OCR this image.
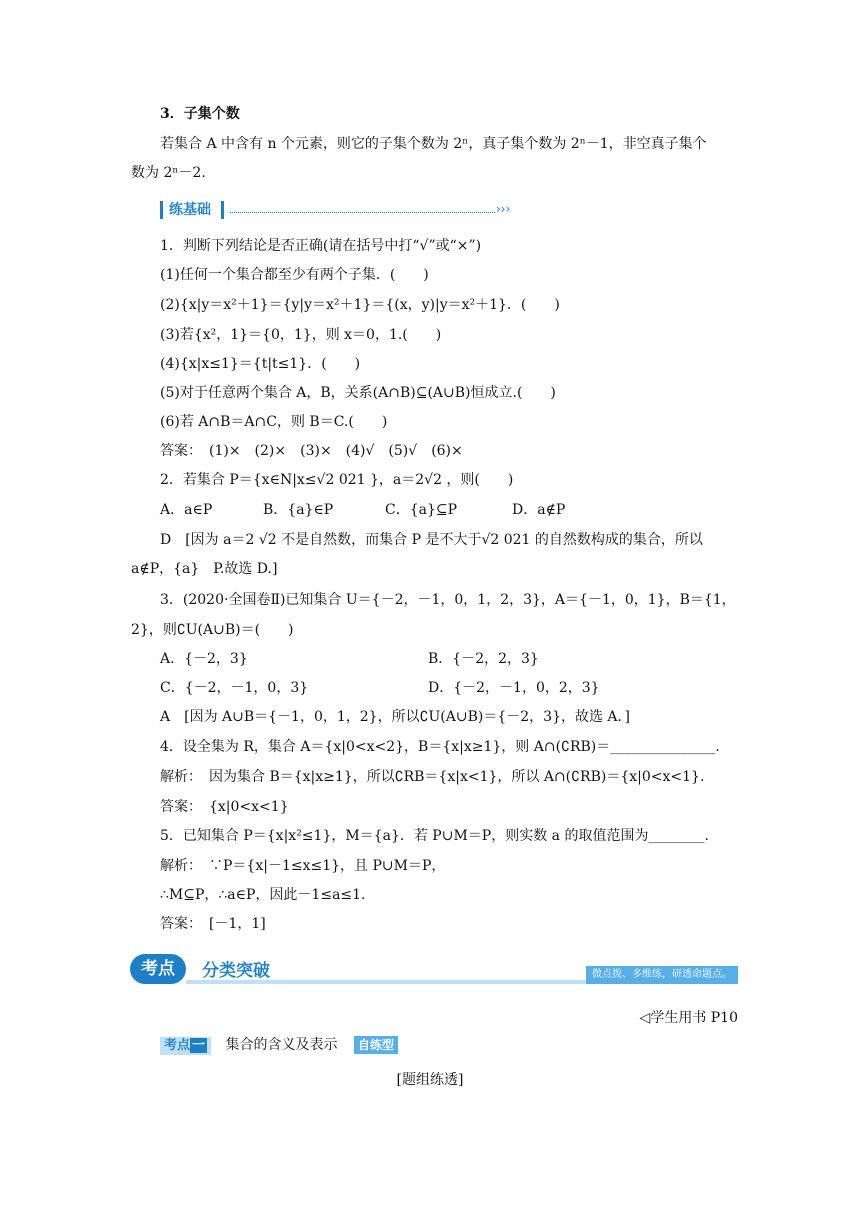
3．子集个数
若集合 A 中含有 n 个元素，则它的子集个数为 2ⁿ，真子集个数为 2ⁿ－1，非空真子集个
数为 2ⁿ－2.
练基础	›››
1．判断下列结论是否正确(请在括号中打“√”或“×”)
(1)任何一个集合都至少有两个子集．(　　)
(2){x|y＝x²＋1}＝{y|y＝x²＋1}＝{(x，y)|y＝x²＋1}．(　　)
(3)若{x²，1}＝{0，1}，则 x＝0，1.(　　)
(4){x|x≤1}＝{t|t≤1}．(　　)
(5)对于任意两个集合 A，B，关系(A∩B)⊆(A∪B)恒成立.(　　)
(6)若 A∩B＝A∩C，则 B＝C.(　　)
答案：　(1)×　(2)×　(3)×　(4)√　(5)√　(6)×
2．若集合 P＝{x∈N|x≤√2 021 }，a＝2√2 ，则(　　)
A．a∈P	B．{a}∈P	C．{a}⊆P	D．a∉P
D　[因为 a＝2 √2 不是自然数，而集合 P 是不大于√2 021 的自然数构成的集合，所以
a∉P，{a}　P.故选 D.]
3．(2020·全国卷Ⅱ)已知集合 U＝{－2，－1，0，1，2，3}，A＝{－1，0，1}，B＝{1，
2}，则∁U(A∪B)＝(　　)
A．{－2，3}	B．{－2，2，3}
C．{－2，－1，0，3}	D．{－2，－1，0，2，3}
A　[因为 A∪B＝{－1，0，1，2}，所以∁U(A∪B)＝{－2，3}，故选 A．]
4．设全集为 R，集合 A＝{x|0<x<2}，B＝{x|x≥1}，则 A∩(∁RB)＝_______________.
解析：　因为集合 B＝{x|x≥1}，所以∁RB＝{x|x<1}，所以 A∩(∁RB)＝{x|0<x<1}.
答案：　{x|0<x<1}
5．已知集合 P＝{x|x²≤1}，M＝{a}．若 P∪M＝P，则实数 a 的取值范围为________.
解析：　∵P＝{x|－1≤x≤1}，且 P∪M＝P，
∴M⊆P，∴a∈P，因此－1≤a≤1.
答案：　[－1，1]
考点	分类突破	微点拨、多维练，研透命题点。
◁学生用书 P10
考点 一 集合的含义及表示 自练型
[题组练透]
